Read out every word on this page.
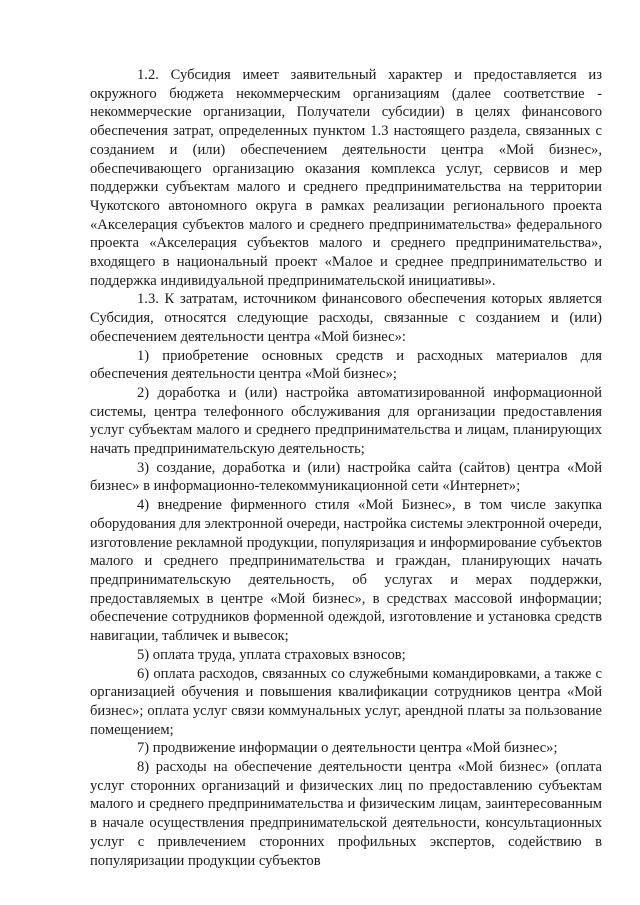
1.2. Субсидия имеет заявительный характер и предоставляется из окружного бюджета некоммерческим организациям (далее соответствие - некоммерческие организации, Получатели субсидии) в целях финансового обеспечения затрат, определенных пунктом 1.3 настоящего раздела, связанных с созданием и (или) обеспечением деятельности центра «Мой бизнес», обеспечивающего организацию оказания комплекса услуг, сервисов и мер поддержки субъектам малого и среднего предпринимательства на территории Чукотского автономного округа в рамках реализации регионального проекта «Акселерация субъектов малого и среднего предпринимательства» федерального проекта «Акселерация субъектов малого и среднего предпринимательства», входящего в национальный проект «Малое и среднее предпринимательство и поддержка индивидуальной предпринимательской инициативы».

1.3. К затратам, источником финансового обеспечения которых является Субсидия, относятся следующие расходы, связанные с созданием и (или) обеспечением деятельности центра «Мой бизнес»:

1) приобретение основных средств и расходных материалов для обеспечения деятельности центра «Мой бизнес»;

2) доработка и (или) настройка автоматизированной информационной системы, центра телефонного обслуживания для организации предоставления услуг субъектам малого и среднего предпринимательства и лицам, планирующих начать предпринимательскую деятельность;

3) создание, доработка и (или) настройка сайта (сайтов) центра «Мой бизнес» в информационно-телекоммуникационной сети «Интернет»;

4) внедрение фирменного стиля «Мой Бизнес», в том числе закупка оборудования для электронной очереди, настройка системы электронной очереди, изготовление рекламной продукции, популяризация и информирование субъектов малого и среднего предпринимательства и граждан, планирующих начать предпринимательскую деятельность, об услугах и мерах поддержки, предоставляемых в центре «Мой бизнес», в средствах массовой информации; обеспечение сотрудников форменной одеждой, изготовление и установка средств навигации, табличек и вывесок;

5) оплата труда, уплата страховых взносов;

6) оплата расходов, связанных со служебными командировками, а также с организацией обучения и повышения квалификации сотрудников центра «Мой бизнес»; оплата услуг связи коммунальных услуг, арендной платы за пользование помещением;

7) продвижение информации о деятельности центра «Мой бизнес»;

8) расходы на обеспечение деятельности центра «Мой бизнес» (оплата услуг сторонних организаций и физических лиц по предоставлению субъектам малого и среднего предпринимательства и физическим лицам, заинтересованным в начале осуществления предпринимательской деятельности, консультационных услуг с привлечением сторонних профильных экспертов, содействию в популяризации продукции субъектов
